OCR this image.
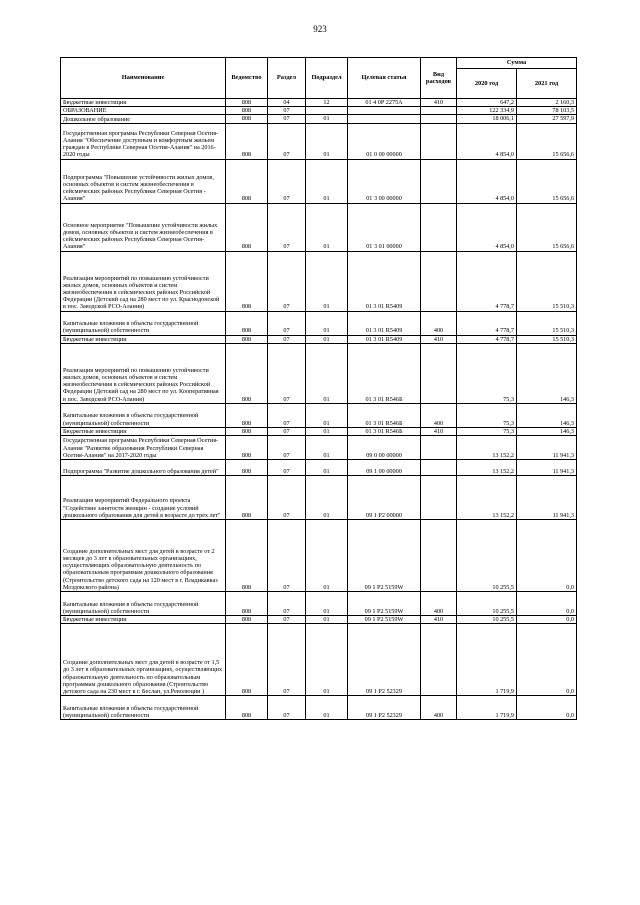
923
Наименование	Ведомство	Раздел	Подраздел	Целевая статья	Вид расходов	Сумма	
						2020 год	2021 год

Бюджетные инвестиции	808	04	12	01 4 0Р 2275А	410	647,2	2 160,3

ОБРАЗОВАНИЕ	808	07				122 334,9	78 103,5

Дошкольное образование	808	07	01			18 006,1	27 597,9

Государственная программа Республики Северная Осетия-Алания "Обеспечение доступным и комфортным жильем граждан в Республике Северная Осетия-Алания" на 2016-2020 годы	808	07	01	01 0 00 00000		4 854,0	15 656,6

Подпрограмма "Повышение устойчивости жилых домов, основных объектов и систем жизнеобеспечения в сейсмических районах Республики Северная Осетия - Алания"	808	07	01	01 3 00 00000		4 854,0	15 656,6

Основное мероприятие "Повышение устойчивости жилых домов, основных объектов и систем жизнеобеспечения в сейсмических районах Республики Северная Осетия-Алания"	808	07	01	01 3 01 00000		4 854,0	15 656,6

Реализация мероприятий по повышению устойчивости жилых домов, основных объектов и систем жизнеобеспечения в сейсмических районах Российской Федерации (Детский сад на 280 мест по ул. Краснодонской в пос. Заводской РСО-Алания)	808	07	01	01 3 01 R5409		4 778,7	15 510,3

Капитальные вложения в объекты государственной (муниципальной) собственности	808	07	01	01 3 01 R5409	400	4 778,7	15 510,3

Бюджетные инвестиции	808	07	01	01 3 01 R5409	410	4 778,7	15 510,3

Реализация мероприятий по повышению устойчивости жилых домов, основных объектов и систем жизнеобеспечения в сейсмических районах Российской Федерации (Детский сад на 280 мест по ул. Кооперативная в пос. Заводской РСО-Алания)	808	07	01	01 3 01 R546Б		75,3	146,3

Капитальные вложения в объекты государственной (муниципальной) собственности	808	07	01	01 3 01 R546Б	400	75,3	146,3

Бюджетные инвестиции	808	07	01	01 3 01 R546Б	410	75,3	146,3

Государственная программа Республики Северная Осетия-Алания "Развитие образования Республики Северная Осетия-Алания" на 2017-2020 годы	808	07	01	09 0 00 00000		13 152,2	11 941,3

Подпрограмма "Развитие дошкольного образования детей"	808	07	01	09 1 00 00000		13 152,2	11 941,3

Реализация мероприятий Федерального проекта "Содействие занятости женщин - создание условий дошкольного образования для детей в возрасте до трех лет"	808	07	01	09 1 P2 00000		13 152,2	11 941,3

Создание дополнительных мест для детей в возрасте от 2 месяцев до 3 лет в образовательных организациях, осуществляющих образовательную деятельность по образовательным программам дошкольного образования (Строительство детского сада на 120 мест в г. Владикавказ Моздокского района)	808	07	01	09 1 P2 5159W		10 255,5	0,0

Капитальные вложения в объекты государственной (муниципальной) собственности	808	07	01	09 1 P2 5159W	400	10 255,5	0,0

Бюджетные инвестиции	808	07	01	09 1 P2 5159W	410	10 255,5	0,0

Создание дополнительных мест для детей в возрасте от 1,5 до 3 лет в образовательных организациях, осуществляющих образовательную деятельность по образовательным программам дошкольного образования (Строительство детского сада на 230 мест в г. Беслан, ул.Революции )	808	07	01	09 1 P2 52329		1 719,9	0,0

Капитальные вложения в объекты государственной (муниципальной) собственности	808	07	01	09 1 P2 52329	400	1 719,9	0,0
